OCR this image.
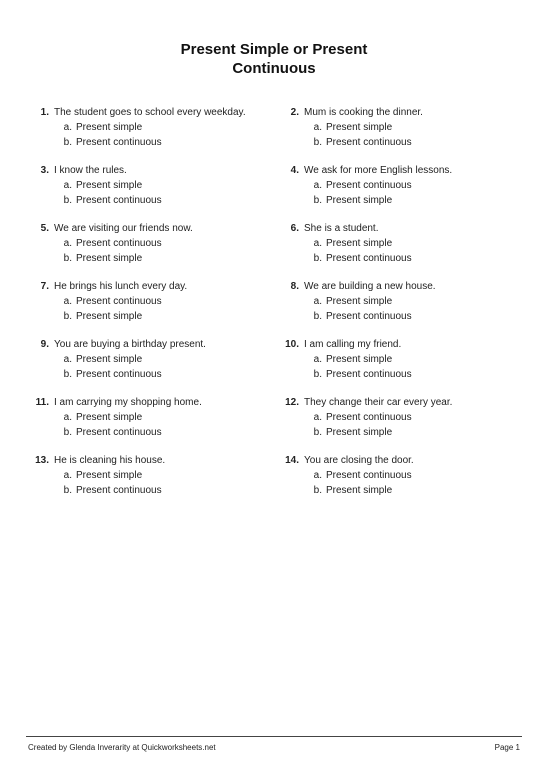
Present Simple or Present
Continuous
1. The student goes to school every weekday.
a. Present simple
b. Present continuous
2. Mum is cooking the dinner.
a. Present simple
b. Present continuous
3. I know the rules.
a. Present simple
b. Present continuous
4. We ask for more English lessons.
a. Present continuous
b. Present simple
5. We are visiting our friends now.
a. Present continuous
b. Present simple
6. She is a student.
a. Present simple
b. Present continuous
7. He brings his lunch every day.
a. Present continuous
b. Present simple
8. We are building a new house.
a. Present simple
b. Present continuous
9. You are buying a birthday present.
a. Present simple
b. Present continuous
10. I am calling my friend.
a. Present simple
b. Present continuous
11. I am carrying my shopping home.
a. Present simple
b. Present continuous
12. They change their car every year.
a. Present continuous
b. Present simple
13. He is cleaning his house.
a. Present simple
b. Present continuous
14. You are closing the door.
a. Present continuous
b. Present simple
Created by Glenda Inverarity at Quickworksheets.net	Page 1
